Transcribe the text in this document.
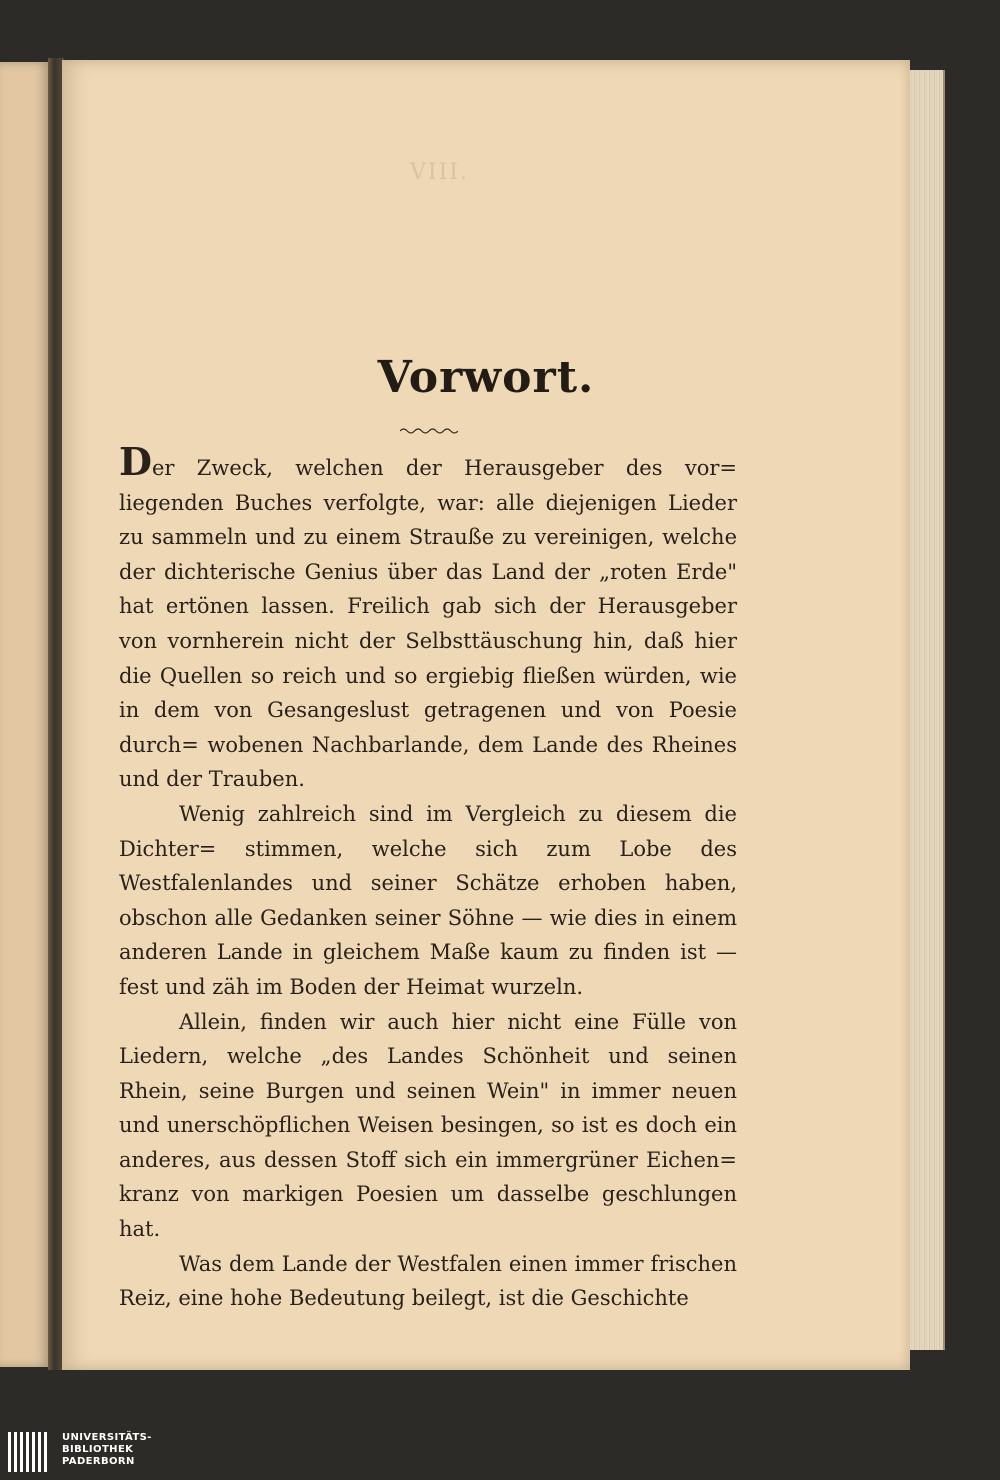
VIII.
Vorwort.

Der Zweck, welchen der Herausgeber des vor= liegenden Buches verfolgte, war: alle diejenigen Lieder zu sammeln und zu einem Strauße zu vereinigen, welche der dichterische Genius über das Land der „roten Erde" hat ertönen lassen. Freilich gab sich der Herausgeber von vornherein nicht der Selbsttäuschung hin, daß hier die Quellen so reich und so ergiebig fließen würden, wie in dem von Gesangeslust getragenen und von Poesie durch= wobenen Nachbarlande, dem Lande des Rheines und der Trauben.

Wenig zahlreich sind im Vergleich zu diesem die Dichter= stimmen, welche sich zum Lobe des Westfalenlandes und seiner Schätze erhoben haben, obschon alle Gedanken seiner Söhne — wie dies in einem anderen Lande in gleichem Maße kaum zu finden ist — fest und zäh im Boden der Heimat wurzeln.

Allein, finden wir auch hier nicht eine Fülle von Liedern, welche „des Landes Schönheit und seinen Rhein, seine Burgen und seinen Wein" in immer neuen und unerschöpflichen Weisen besingen, so ist es doch ein anderes, aus dessen Stoff sich ein immergrüner Eichen= kranz von markigen Poesien um dasselbe geschlungen hat.

Was dem Lande der Westfalen einen immer frischen Reiz, eine hohe Bedeutung beilegt, ist die Geschichte

UNIVERSITÄTS-
BIBLIOTHEK
PADERBORN
